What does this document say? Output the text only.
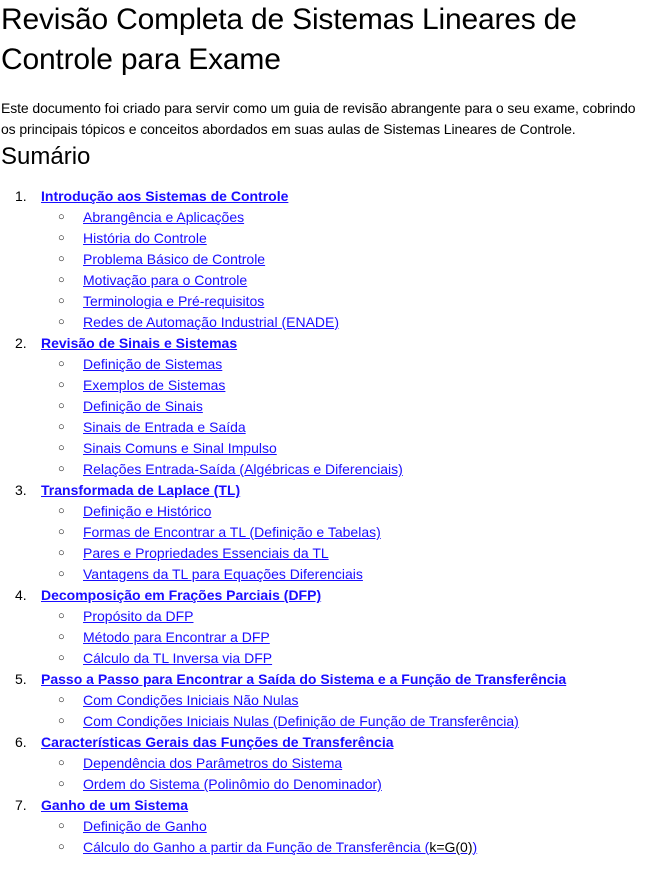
Revisão Completa de Sistemas Lineares de Controle para Exame

Este documento foi criado para servir como um guia de revisão abrangente para o seu exame, cobrindo os principais tópicos e conceitos abordados em suas aulas de Sistemas Lineares de Controle.

Sumário
1.	Introdução aos Sistemas de Controle
○ Abrangência e Aplicações
○ História do Controle
○ Problema Básico de Controle
○ Motivação para o Controle
○ Terminologia e Pré-requisitos
○ Redes de Automação Industrial (ENADE)
2.	Revisão de Sinais e Sistemas
○ Definição de Sistemas
○ Exemplos de Sistemas
○ Definição de Sinais
○ Sinais de Entrada e Saída
○ Sinais Comuns e Sinal Impulso
○ Relações Entrada-Saída (Algébricas e Diferenciais)
3.	Transformada de Laplace (TL)
○ Definição e Histórico
○ Formas de Encontrar a TL (Definição e Tabelas)
○ Pares e Propriedades Essenciais da TL
○ Vantagens da TL para Equações Diferenciais
4.	Decomposição em Frações Parciais (DFP)
○ Propósito da DFP
○ Método para Encontrar a DFP
○ Cálculo da TL Inversa via DFP
5.	Passo a Passo para Encontrar a Saída do Sistema e a Função de Transferência
○ Com Condições Iniciais Não Nulas
○ Com Condições Iniciais Nulas (Definição de Função de Transferência)
6.	Características Gerais das Funções de Transferência
○ Dependência dos Parâmetros do Sistema
○ Ordem do Sistema (Polinômio do Denominador)
7.	Ganho de um Sistema
○ Definição de Ganho
○ Cálculo do Ganho a partir da Função de Transferência (k=G(0))
